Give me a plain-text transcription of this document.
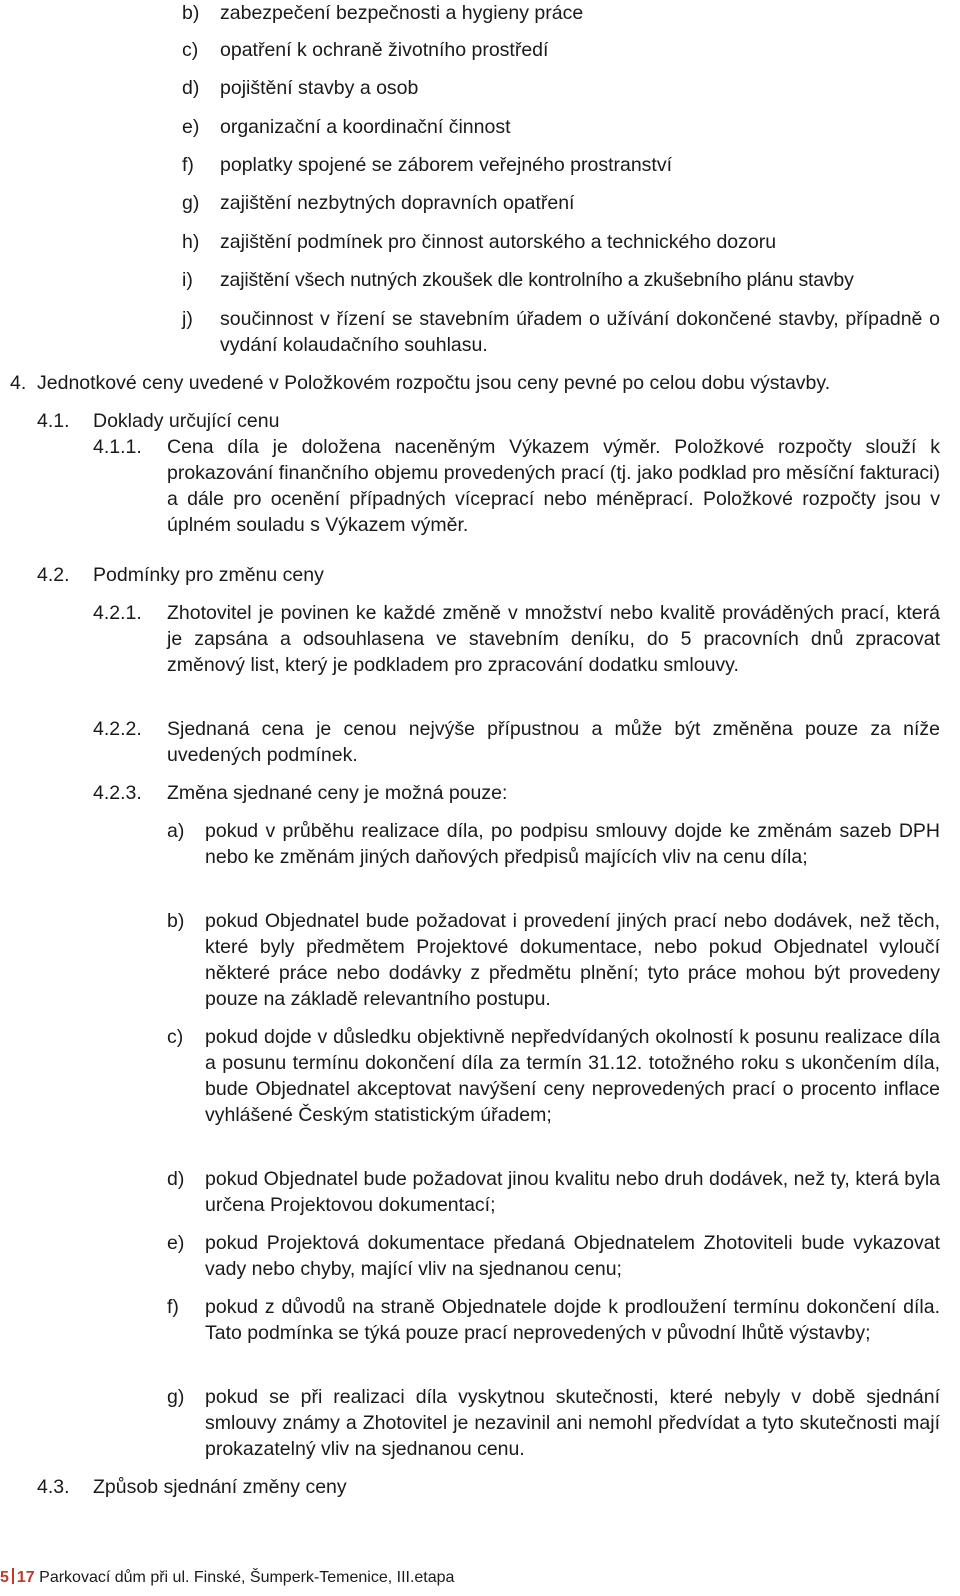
b) zabezpečení bezpečnosti a hygieny práce
c) opatření k ochraně životního prostředí
d) pojištění stavby a osob
e) organizační a koordinační činnost
f) poplatky spojené se záborem veřejného prostranství
g) zajištění nezbytných dopravních opatření
h) zajištění podmínek pro činnost autorského a technického dozoru
i) zajištění všech nutných zkoušek dle kontrolního a zkušebního plánu stavby
j) součinnost v řízení se stavebním úřadem o užívání dokončené stavby, případně o vydání kolaudačního souhlasu.
4. Jednotkové ceny uvedené v Položkovém rozpočtu jsou ceny pevné po celou dobu výstavby.
4.1. Doklady určující cenu
4.1.1. Cena díla je doložena naceněným Výkazem výměr. Položkové rozpočty slouží k prokazování finančního objemu provedených prací (tj. jako podklad pro měsíční fakturaci) a dále pro ocenění případných víceprací nebo méněprací. Položkové rozpočty jsou v úplném souladu s Výkazem výměr.
4.2. Podmínky pro změnu ceny
4.2.1. Zhotovitel je povinen ke každé změně v množství nebo kvalitě prováděných prací, která je zapsána a odsouhlasena ve stavebním deníku, do 5 pracovních dnů zpracovat změnový list, který je podkladem pro zpracování dodatku smlouvy.
4.2.2. Sjednaná cena je cenou nejvýše přípustnou a může být změněna pouze za níže uvedených podmínek.
4.2.3. Změna sjednané ceny je možná pouze:
a) pokud v průběhu realizace díla, po podpisu smlouvy dojde ke změnám sazeb DPH nebo ke změnám jiných daňových předpisů majících vliv na cenu díla;
b) pokud Objednatel bude požadovat i provedení jiných prací nebo dodávek, než těch, které byly předmětem Projektové dokumentace, nebo pokud Objednatel vyloučí některé práce nebo dodávky z předmětu plnění; tyto práce mohou být provedeny pouze na základě relevantního postupu.
c) pokud dojde v důsledku objektivně nepředvídaných okolností k posunu realizace díla a posunu termínu dokončení díla za termín 31.12. totožného roku s ukončením díla, bude Objednatel akceptovat navýšení ceny neprovedených prací o procento inflace vyhlášené Českým statistickým úřadem;
d) pokud Objednatel bude požadovat jinou kvalitu nebo druh dodávek, než ty, která byla určena Projektovou dokumentací;
e) pokud Projektová dokumentace předaná Objednatelem Zhotoviteli bude vykazovat vady nebo chyby, mající vliv na sjednanou cenu;
f) pokud z důvodů na straně Objednatele dojde k prodloužení termínu dokončení díla. Tato podmínka se týká pouze prací neprovedených v původní lhůtě výstavby;
g) pokud se při realizaci díla vyskytnou skutečnosti, které nebyly v době sjednání smlouvy známy a Zhotovitel je nezavinil ani nemohl předvídat a tyto skutečnosti mají prokazatelný vliv na sjednanou cenu.
4.3. Způsob sjednání změny ceny
5 17 Parkovací dům při ul. Finské, Šumperk-Temenice, III.etapa
